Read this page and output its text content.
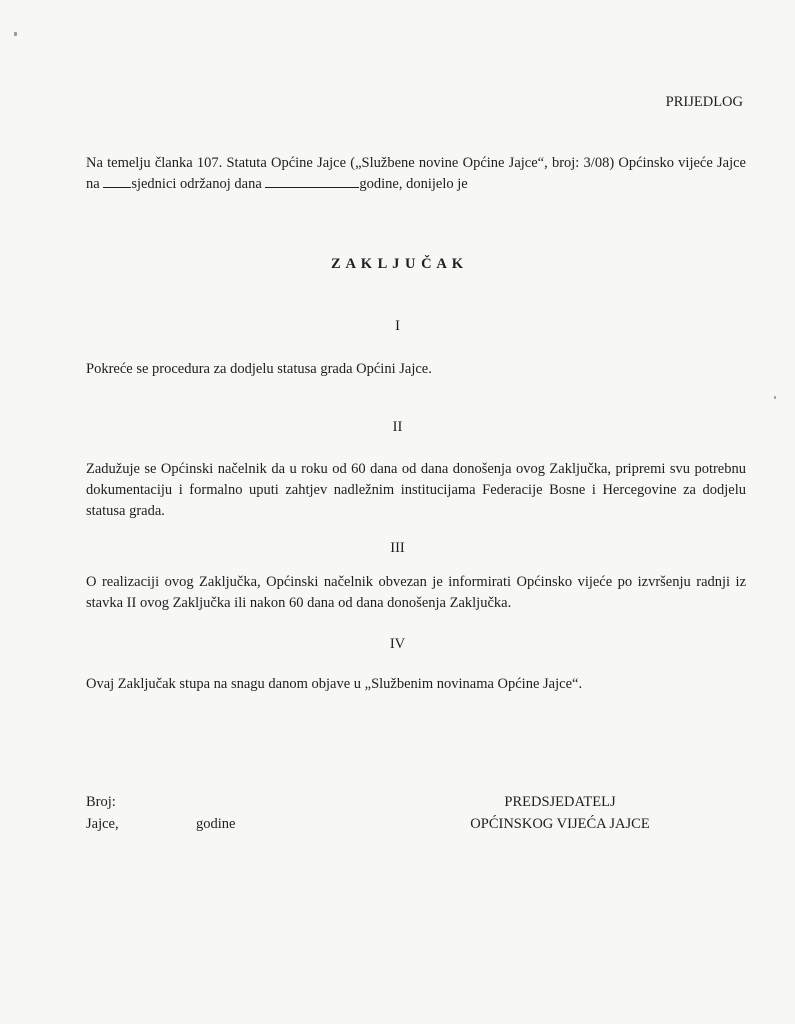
PRIJEDLOG

Na temelju članka 107. Statuta Općine Jajce („Službene novine Općine Jajce“, broj: 3/08) Općinsko vijeće Jajce na sjednici održanoj dana	godine, donijelo je

Z A K L J U Č A K

I

Pokreće se procedura za dodjelu statusa grada Općini Jajce.

II

Zadužuje se Općinski načelnik da u roku od 60 dana od dana donošenja ovog Zaključka, pripremi svu potrebnu dokumentaciju i formalno uputi zahtjev nadležnim institucijama Federacije Bosne i Hercegovine za dodjelu statusa grada.

III

O realizaciji ovog Zaključka, Općinski načelnik obvezan je informirati Općinsko vijeće po izvršenju radnji iz stavka II ovog Zaključka ili nakon 60 dana od dana donošenja Zaključka.

IV

Ovaj Zaključak stupa na snagu danom objave u „Službenim novinama Općine Jajce“.

Broj:

Jajce,	godine

PREDSJEDATELJ

OPĆINSKOG VIJEĆA JAJCE
